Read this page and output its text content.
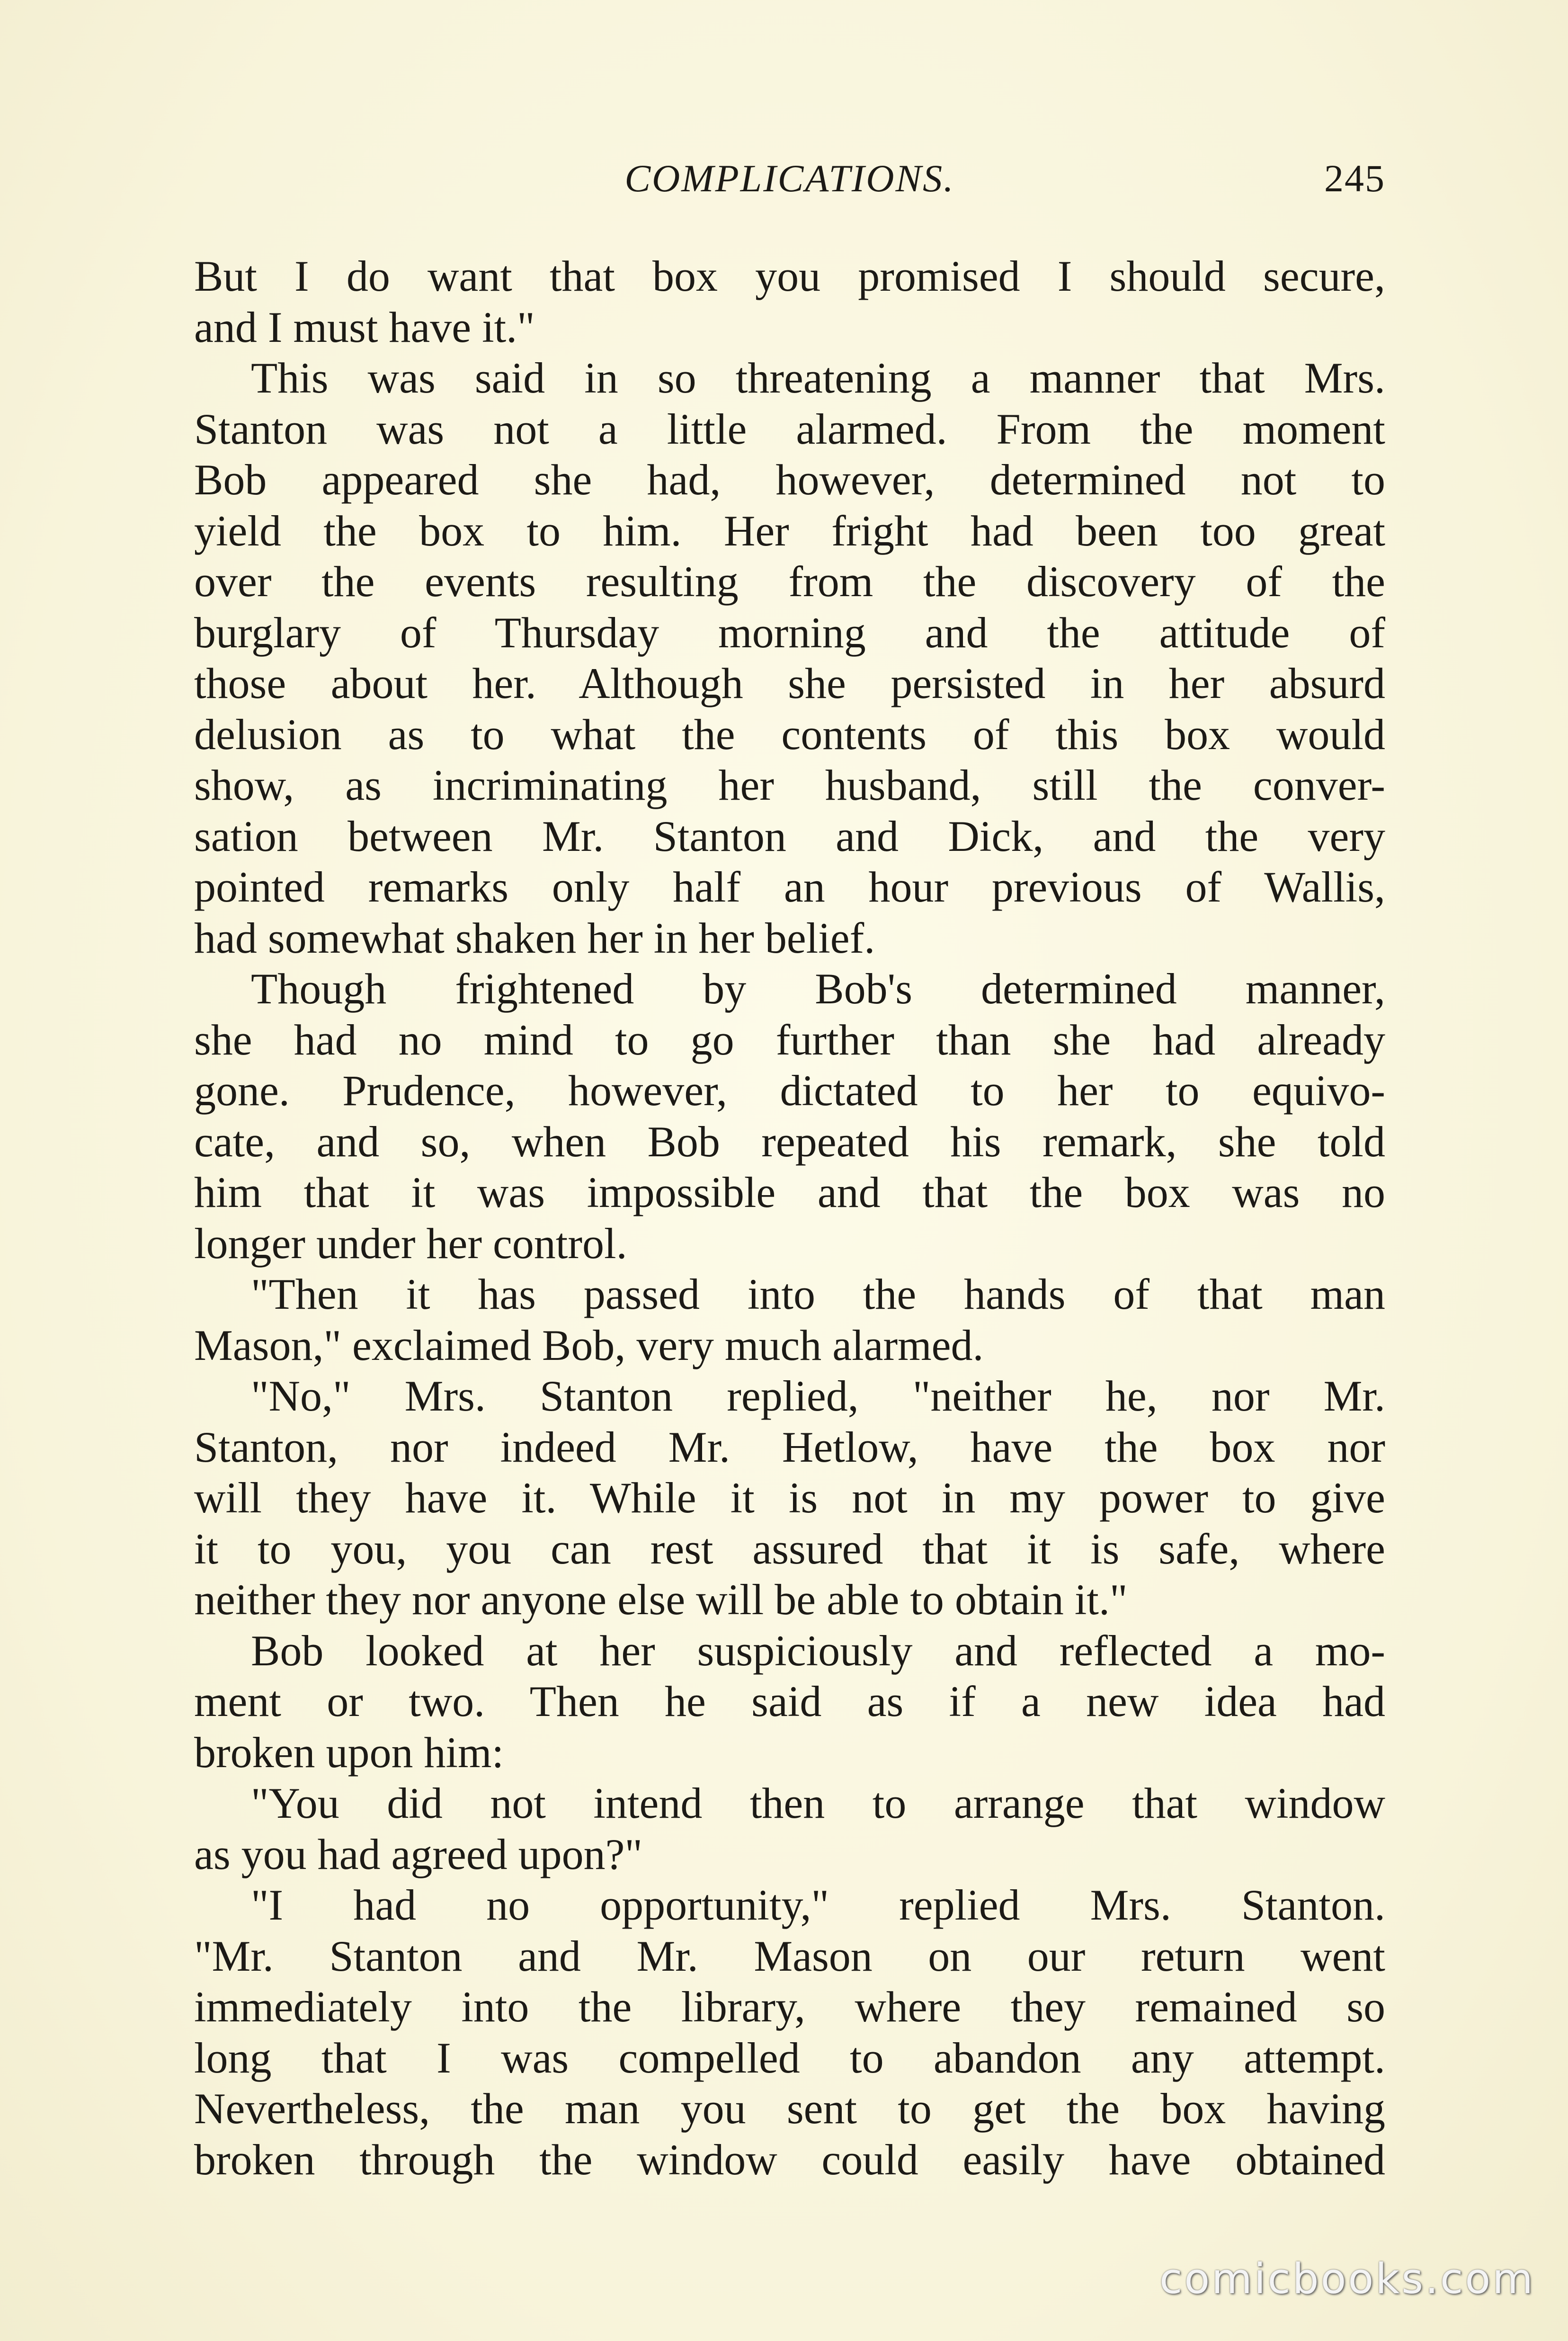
COMPLICATIONS.	245
But I do want that box you promised I should secure,
and I must have it."
This was said in so threatening a manner that Mrs.
Stanton was not a little alarmed. From the moment
Bob appeared she had, however, determined not to
yield the box to him. Her fright had been too great
over the events resulting from the discovery of the
burglary of Thursday morning and the attitude of
those about her. Although she persisted in her absurd
delusion as to what the contents of this box would
show, as incriminating her husband, still the conver-
sation between Mr. Stanton and Dick, and the very
pointed remarks only half an hour previous of Wallis,
had somewhat shaken her in her belief.
Though frightened by Bob's determined manner,
she had no mind to go further than she had already
gone. Prudence, however, dictated to her to equivo-
cate, and so, when Bob repeated his remark, she told
him that it was impossible and that the box was no
longer under her control.
"Then it has passed into the hands of that man
Mason," exclaimed Bob, very much alarmed.
"No," Mrs. Stanton replied, "neither he, nor Mr.
Stanton, nor indeed Mr. Hetlow, have the box nor
will they have it. While it is not in my power to give
it to you, you can rest assured that it is safe, where
neither they nor anyone else will be able to obtain it."
Bob looked at her suspiciously and reflected a mo-
ment or two. Then he said as if a new idea had
broken upon him:
"You did not intend then to arrange that window
as you had agreed upon?"
"I had no opportunity," replied Mrs. Stanton.
"Mr. Stanton and Mr. Mason on our return went
immediately into the library, where they remained so
long that I was compelled to abandon any attempt.
Nevertheless, the man you sent to get the box having
broken through the window could easily have obtained
comicbooks.com
